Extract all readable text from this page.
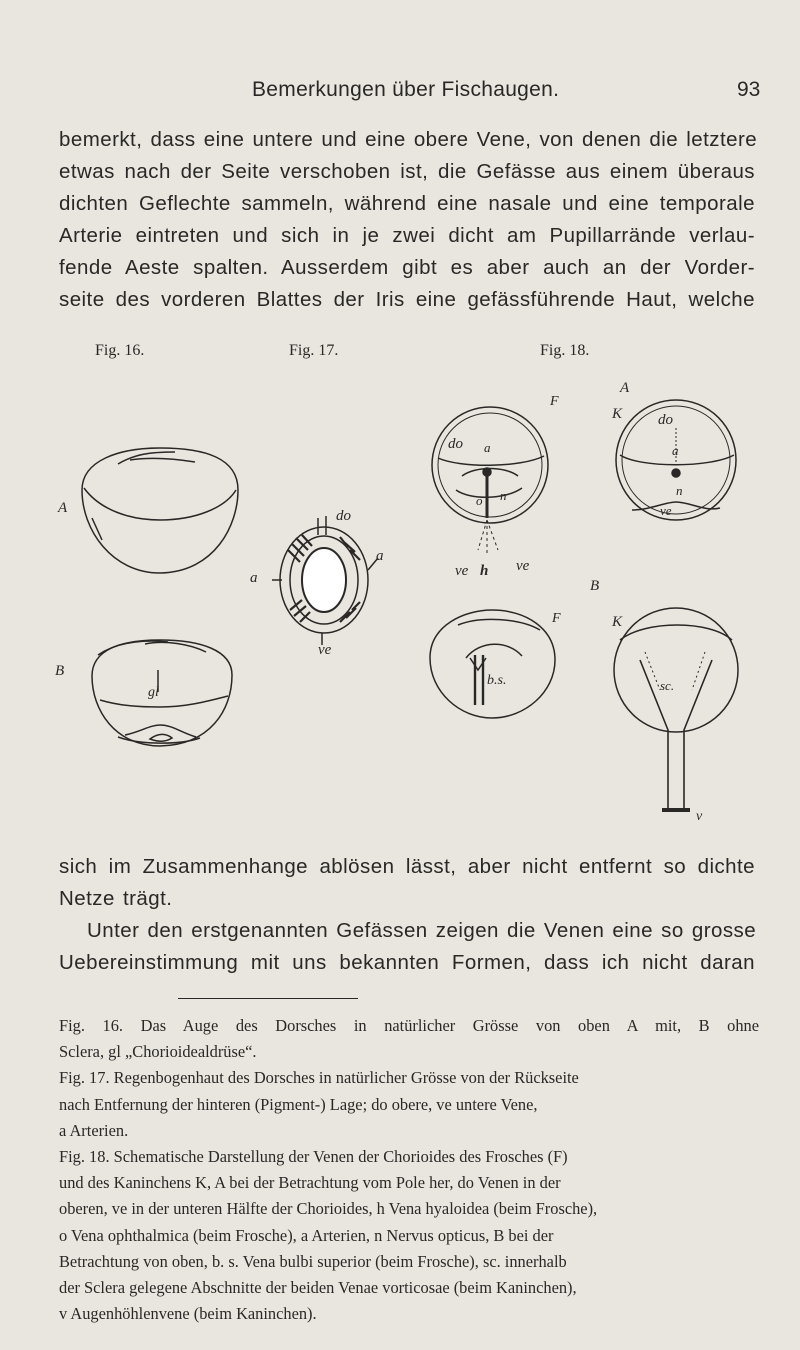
Bemerkungen über Fischaugen.	93
bemerkt, dass eine untere und eine obere Vene, von denen die letztere
etwas nach der Seite verschoben ist, die Gefässe aus einem überaus
dichten Geflechte sammeln, während eine nasale und eine temporale
Arterie eintreten und sich in je zwei dicht am Pupillarrände verlau-
fende Aeste spalten. Ausserdem gibt es aber auch an der Vorder-
seite des vorderen Blattes der Iris eine gefässführende Haut, welche
Fig. 16.	Fig. 17.	Fig. 18.
A
B
gl
do
a
a
ve
do a
o n
F
ve h ve
K do
a
n
ve
A
B
b.s.
F	K
sc.
v
sich im Zusammenhange ablösen lässt, aber nicht entfernt so dichte
Netze trägt.
Unter den erstgenannten Gefässen zeigen die Venen eine so grosse
Uebereinstimmung mit uns bekannten Formen, dass ich nicht daran

Fig. 16. Das Auge des Dorsches in natürlicher Grösse von oben A mit, B ohne
Sclera, gl „Chorioidealdrüse“.

Fig. 17. Regenbogenhaut des Dorsches in natürlicher Grösse von der Rückseite
nach Entfernung der hinteren (Pigment-) Lage; do obere, ve untere Vene,
a Arterien.

Fig. 18. Schematische Darstellung der Venen der Chorioides des Frosches (F)
und des Kaninchens K, A bei der Betrachtung vom Pole her, do Venen in der
oberen, ve in der unteren Hälfte der Chorioides, h Vena hyaloidea (beim Frosche),
o Vena ophthalmica (beim Frosche), a Arterien, n Nervus opticus, B bei der
Betrachtung von oben, b. s. Vena bulbi superior (beim Frosche), sc. innerhalb
der Sclera gelegene Abschnitte der beiden Venae vorticosae (beim Kaninchen),
v Augenhöhlenvene (beim Kaninchen).
